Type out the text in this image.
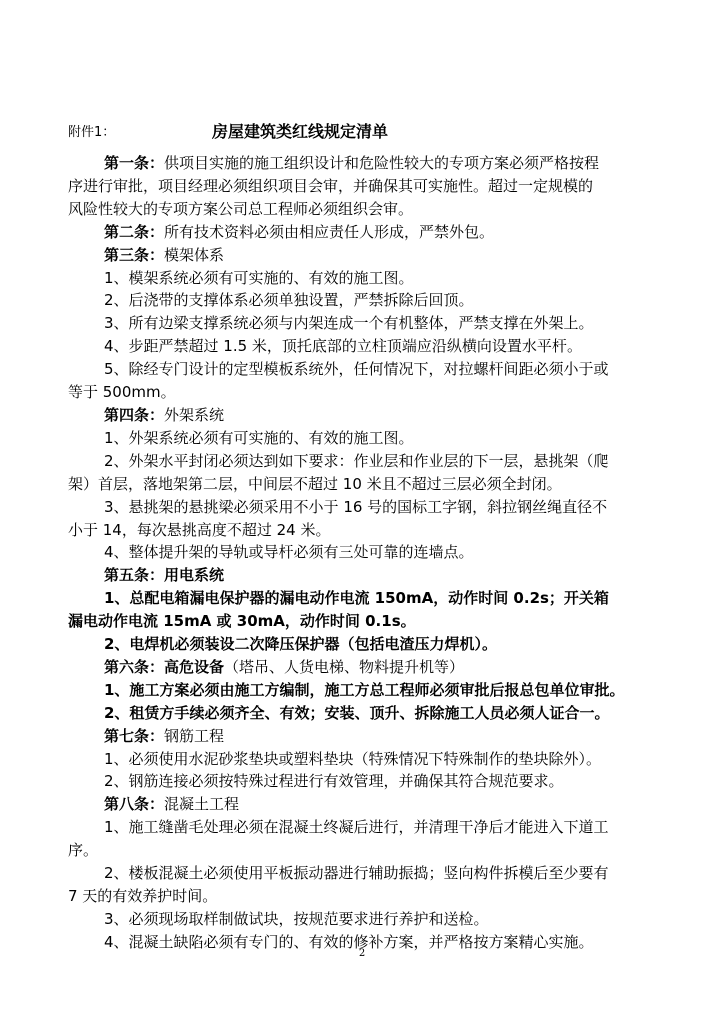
附件1：	房屋建筑类红线规定清单

第一条：供项目实施的施工组织设计和危险性较大的专项方案必须严格按程

序进行审批，项目经理必须组织项目会审，并确保其可实施性。超过一定规模的

风险性较大的专项方案公司总工程师必须组织会审。

第二条：所有技术资料必须由相应责任人形成，严禁外包。

第三条：模架体系

1、模架系统必须有可实施的、有效的施工图。

2、后浇带的支撑体系必须单独设置，严禁拆除后回顶。

3、所有边梁支撑系统必须与内架连成一个有机整体，严禁支撑在外架上。

4、步距严禁超过 1.5 米，顶托底部的立柱顶端应沿纵横向设置水平杆。

5、除经专门设计的定型模板系统外，任何情况下，对拉螺杆间距必须小于或

等于 500mm。

第四条：外架系统

1、外架系统必须有可实施的、有效的施工图。

2、外架水平封闭必须达到如下要求：作业层和作业层的下一层，悬挑架（爬

架）首层，落地架第二层，中间层不超过 10 米且不超过三层必须全封闭。

3、悬挑架的悬挑梁必须采用不小于 16 号的国标工字钢，斜拉钢丝绳直径不

小于 14，每次悬挑高度不超过 24 米。

4、整体提升架的导轨或导杆必须有三处可靠的连墙点。

第五条：用电系统

1、总配电箱漏电保护器的漏电动作电流 150mA，动作时间 0.2s；开关箱

漏电动作电流 15mA 或 30mA，动作时间 0.1s。

2、电焊机必须装设二次降压保护器（包括电渣压力焊机）。

第六条：高危设备（塔吊、人货电梯、物料提升机等）

1、施工方案必须由施工方编制，施工方总工程师必须审批后报总包单位审批。

2、租赁方手续必须齐全、有效；安装、顶升、拆除施工人员必须人证合一。

第七条：钢筋工程

1、必须使用水泥砂浆垫块或塑料垫块（特殊情况下特殊制作的垫块除外）。

2、钢筋连接必须按特殊过程进行有效管理，并确保其符合规范要求。

第八条：混凝土工程

1、施工缝凿毛处理必须在混凝土终凝后进行，并清理干净后才能进入下道工

序。

2、楼板混凝土必须使用平板振动器进行辅助振捣；竖向构件拆模后至少要有

7 天的有效养护时间。

3、必须现场取样制做试块，按规范要求进行养护和送检。

4、混凝土缺陷必须有专门的、有效的修补方案，并严格按方案精心实施。

2
